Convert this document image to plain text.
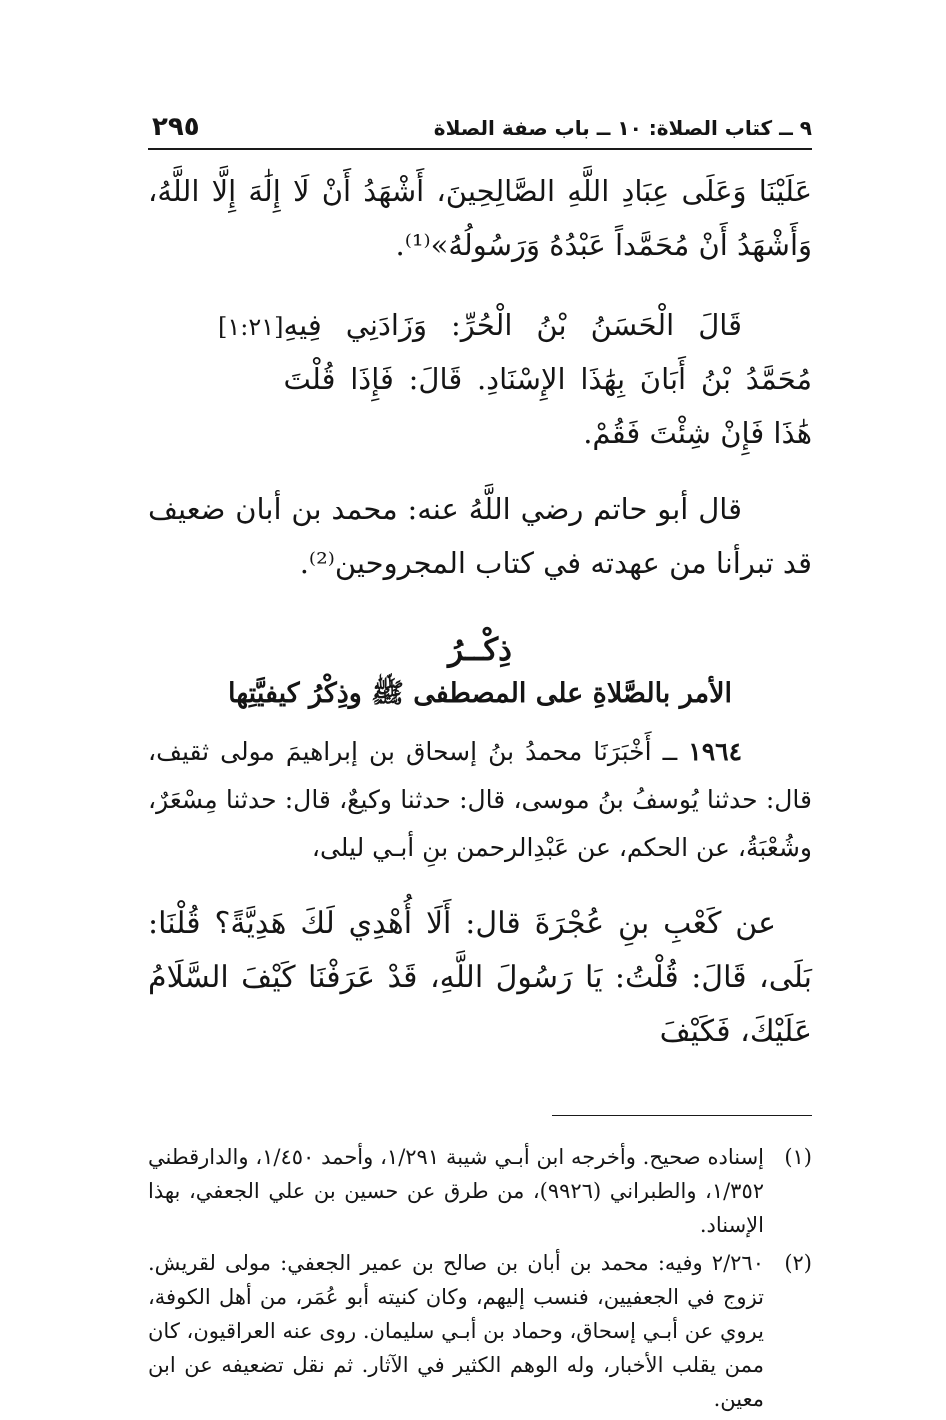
٩ ــ كتاب الصلاة: ١٠ ــ باب صفة الصلاة
٢٩٥

عَلَيْنَا وَعَلَى عِبَادِ اللَّهِ الصَّالِحِينَ، أَشْهَدُ أَنْ لَا إِلَٰهَ إِلَّا اللَّهُ، وَأَشْهَدُ أَنْ مُحَمَّداً عَبْدُهُ وَرَسُولُهُ»⁽¹⁾.

[١:٢١] قَالَ الْحَسَنُ بْنُ الْحُرِّ: وَزَادَنِي فِيهِ مُحَمَّدُ بْنُ أَبَانَ بِهَٰذَا الإِسْنَادِ. قَالَ: فَإِذَا قُلْتَ هَٰذَا فَإِنْ شِئْتَ فَقُمْ.

قال أبو حاتم رضي اللَّهُ عنه: محمد بن أبان ضعيف قد تبرأنا من عهدته في كتاب المجروحين⁽²⁾.

ذِكْــرُ
الأمر بالصَّلاةِ على المصطفى ﷺ وذِكْرُ كيفيَّتِها

١٩٦٤ ــ أَخْبَرَنَا محمدُ بنُ إسحاق بن إبراهيمَ مولى ثقيف، قال: حدثنا يُوسفُ بنُ موسى، قال: حدثنا وكيعٌ، قال: حدثنا مِسْعَرٌ، وشُعْبَةُ، عن الحكم، عن عَبْدِالرحمن بنِ أبـي ليلى،

عن كَعْبِ بنِ عُجْرَةَ قال: أَلَا أُهْدِي لَكَ هَدِيَّةً؟ قُلْنَا: بَلَى، قَالَ: قُلْتُ: يَا رَسُولَ اللَّهِ، قَدْ عَرَفْنَا كَيْفَ السَّلَامُ عَلَيْكَ، فَكَيْفَ

(١)
إسناده صحيح. وأخرجه ابن أبـي شيبة ١/٢٩١، وأحمد ١/٤٥٠، والدارقطني ١/٣٥٢، والطبراني (٩٩٢٦)، من طرق عن حسين بن علي الجعفي، بهذا الإسناد.
(٢)
٢/٢٦٠ وفيه: محمد بن أبان بن صالح بن عمير الجعفي: مولى لقريش. تزوج في الجعفيين، فنسب إليهم، وكان كنيته أبو عُمَر، من أهل الكوفة، يروي عن أبـي إسحاق، وحماد بن أبـي سليمان. روى عنه العراقيون، كان ممن يقلب الأخبار، وله الوهم الكثير في الآثار. ثم نقل تضعيفه عن ابن معين.
